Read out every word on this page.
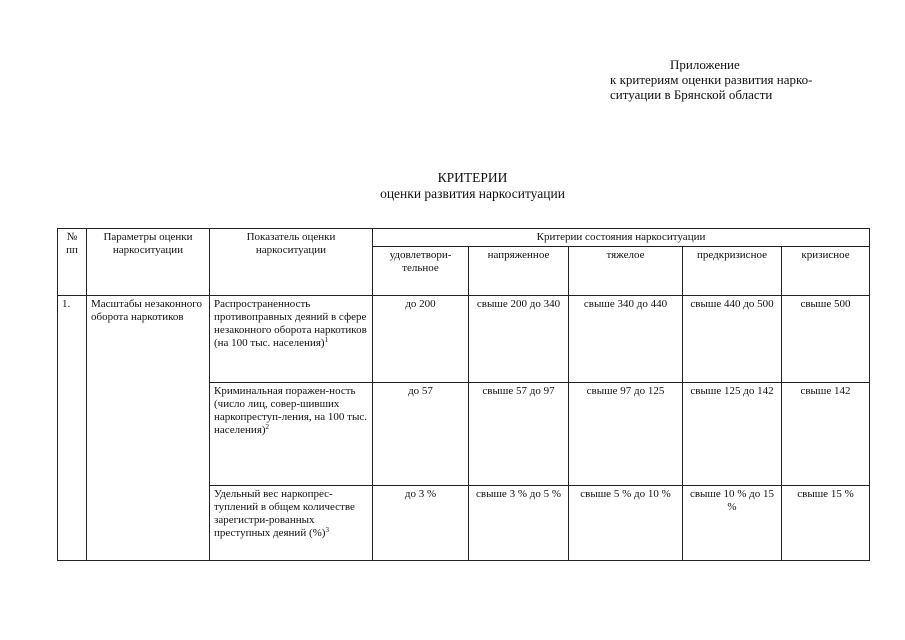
Приложение
к критериям оценки развития нарко-
ситуации в Брянской области
КРИТЕРИИ
оценки развития наркоситуации
№ пп	Параметры оценки наркоситуации	Показатель оценки наркоситуации	Критерии состояния наркоситуации				
			удовлетвори-тельное	напряженное	тяжелое	предкризисное	кризисное
1.	Масштабы незаконного оборота наркотиков	Распространенность противоправных деяний в сфере незаконного оборота наркотиков (на 100 тыс. населения)$^1$	до 200	свыше 200 до 340	свыше 340 до 440	свыше 440 до 500	свыше 500
		Криминальная поражен-ность (число лиц, совер-шивших наркопреступ-ления, на 100 тыс. населения)$^2$	до 57	свыше 57 до 97	свыше 97 до 125	свыше 125 до 142	свыше 142
		Удельный вес наркопрес-туплений в общем количестве зарегистри-рованных преступных деяний (%)$^3$	до 3 %	свыше 3 % до 5 %	свыше 5 % до 10 %	свыше 10 % до 15 %	свыше 15 %
